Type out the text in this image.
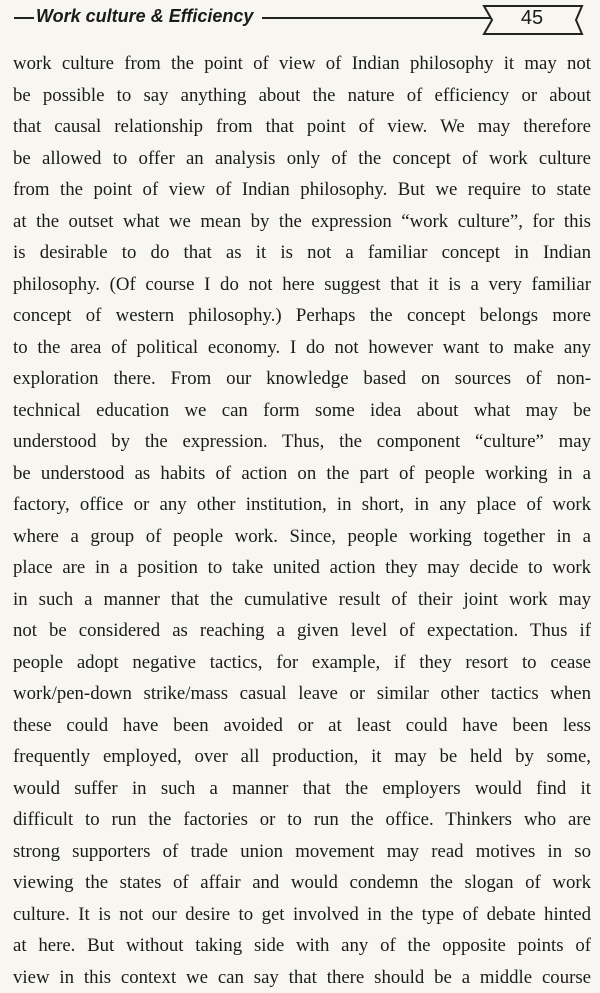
Work culture & Efficiency	45
work culture from the point of view of Indian philosophy it may not
be possible to say anything about the nature of efficiency or about
that causal relationship from that point of view. We may therefore
be allowed to offer an analysis only of the concept of work culture
from the point of view of Indian philosophy. But we require to state
at the outset what we mean by the expression “work culture”, for this
is desirable to do that as it is not a familiar concept in Indian
philosophy. (Of course I do not here suggest that it is a very familiar
concept of western philosophy.) Perhaps the concept belongs more
to the area of political economy. I do not however want to make any
exploration there. From our knowledge based on sources of non-
technical education we can form some idea about what may be
understood by the expression. Thus, the component “culture” may
be understood as habits of action on the part of people working in a
factory, office or any other institution, in short, in any place of work
where a group of people work. Since, people working together in a
place are in a position to take united action they may decide to work
in such a manner that the cumulative result of their joint work may
not be considered as reaching a given level of expectation. Thus if
people adopt negative tactics, for example, if they resort to cease
work/pen-down strike/mass casual leave or similar other tactics when
these could have been avoided or at least could have been less
frequently employed, over all production, it may be held by some,
would suffer in such a manner that the employers would find it
difficult to run the factories or to run the office. Thinkers who are
strong supporters of trade union movement may read motives in so
viewing the states of affair and would condemn the slogan of work
culture. It is not our desire to get involved in the type of debate hinted
at here. But without taking side with any of the opposite points of
view in this context we can say that there should be a middle course
